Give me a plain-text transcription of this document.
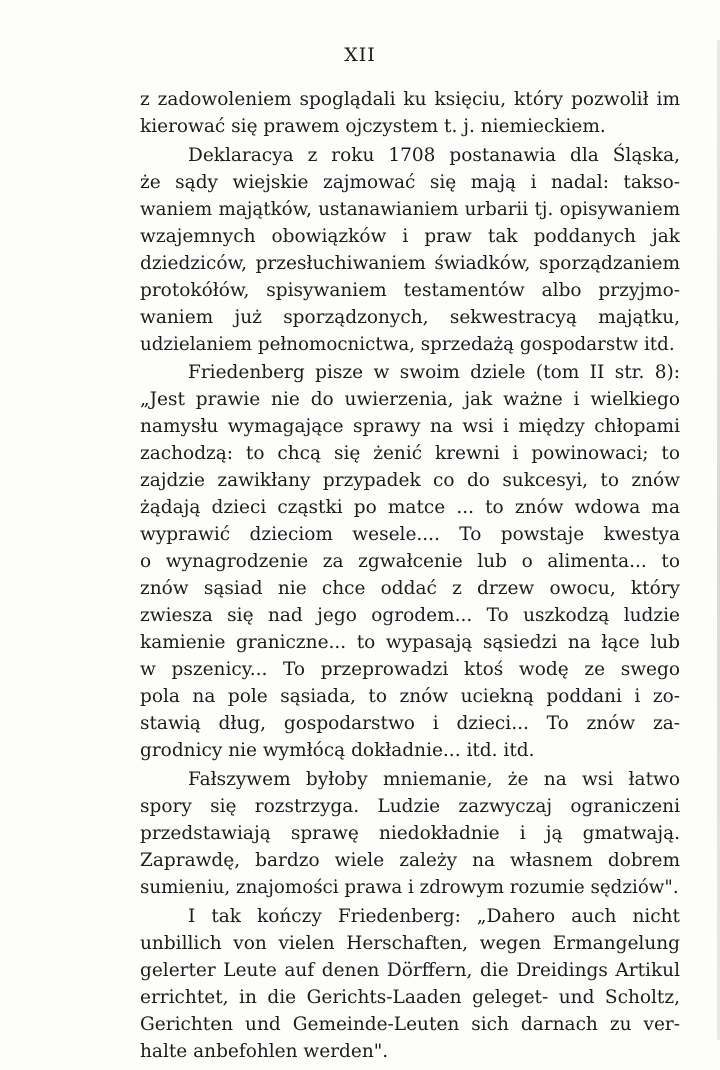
XII
z zadowoleniem spoglądali ku księciu, który pozwolił im
kierować się prawem ojczystem t. j. niemieckiem.
Deklaracya z roku 1708 postanawia dla Śląska,
że sądy wiejskie zajmować się mają i nadal: takso-
waniem majątków, ustanawianiem urbarii tj. opisywaniem
wzajemnych obowiązków i praw tak poddanych jak
dziedziców, przesłuchiwaniem świadków, sporządzaniem
protokółów, spisywaniem testamentów albo przyjmo-
waniem już sporządzonych, sekwestracyą majątku,
udzielaniem pełnomocnictwa, sprzedażą gospodarstw itd.
Friedenberg pisze w swoim dziele (tom II str. 8):
„Jest prawie nie do uwierzenia, jak ważne i wielkiego
namysłu wymagające sprawy na wsi i między chłopami
zachodzą: to chcą się żenić krewni i powinowaci; to
zajdzie zawikłany przypadek co do sukcesyi, to znów
żądają dzieci cząstki po matce ... to znów wdowa ma
wyprawić dzieciom wesele.... To powstaje kwestya
o wynagrodzenie za zgwałcenie lub o alimenta... to
znów sąsiad nie chce oddać z drzew owocu, który
zwiesza się nad jego ogrodem... To uszkodzą ludzie
kamienie graniczne... to wypasają sąsiedzi na łące lub
w pszenicy... To przeprowadzi ktoś wodę ze swego
pola na pole sąsiada, to znów uciekną poddani i zo-
stawią dług, gospodarstwo i dzieci... To znów za-
grodnicy nie wymłócą dokładnie... itd. itd.
Fałszywem byłoby mniemanie, że na wsi łatwo
spory się rozstrzyga. Ludzie zazwyczaj ograniczeni
przedstawiają sprawę niedokładnie i ją gmatwają.
Zaprawdę, bardzo wiele zależy na własnem dobrem
sumieniu, znajomości prawa i zdrowym rozumie sędziów".
I tak kończy Friedenberg: „Dahero auch nicht
unbillich von vielen Herschaften, wegen Ermangelung
gelerter Leute auf denen Dörffern, die Dreidings Artikul
errichtet, in die Gerichts-Laaden geleget- und Scholtz,
Gerichten und Gemeinde-Leuten sich darnach zu ver-
halte anbefohlen werden".
